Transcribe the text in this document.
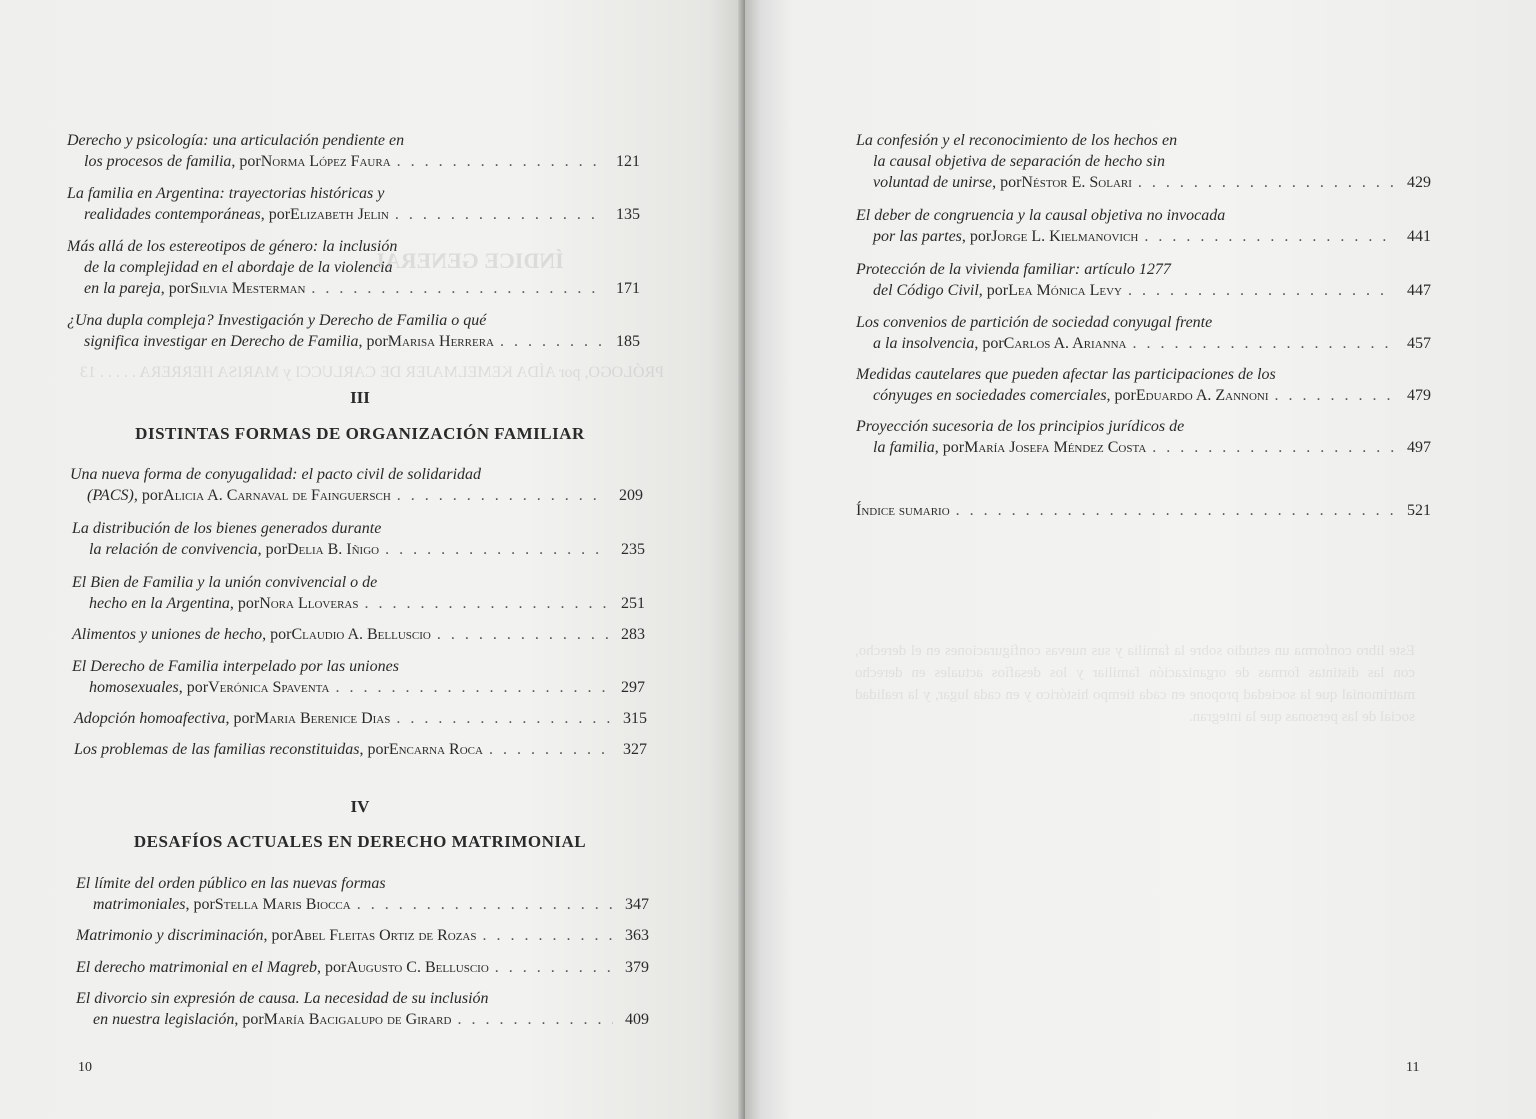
PRÓLOGO, por AÍDA KEMELMAJER DE CARLUCCI y MARISA HERRERA . . . . . 13
ÍNDICE GENERAL
Derecho y psicología: una articulación pendiente en
los procesos de familia , por Norma López Faura . . .	121
La familia en Argentina: trayectorias históricas y
realidades contemporáneas , por Elizabeth Jelin . . .	135
Más allá de los estereotipos de género: la inclusión
de la complejidad en el abordaje de la violencia
en la pareja , por Silvia Mesterman . . .	171
¿Una dupla compleja? Investigación y Derecho de Familia o qué
significa investigar en Derecho de Familia , por Marisa Herrera . . .	185
III
DISTINTAS FORMAS DE ORGANIZACIÓN FAMILIAR
Una nueva forma de conyugalidad: el pacto civil de solidaridad
(PACS) , por Alicia A. Carnaval de Fainguersch . . .	209
La distribución de los bienes generados durante
la relación de convivencia , por Delia B. Iñigo . . .	235
El Bien de Familia y la unión convivencial o de
hecho en la Argentina , por Nora Lloveras . . .	251
Alimentos y uniones de hecho , por Claudio A. Belluscio . . .	283
El Derecho de Familia interpelado por las uniones
homosexuales , por Verónica Spaventa . . .	297
Adopción homoafectiva , por Maria Berenice Dias . . .	315
Los problemas de las familias reconstituidas , por Encarna Roca . . .	327
IV
DESAFÍOS ACTUALES EN DERECHO MATRIMONIAL
El límite del orden público en las nuevas formas
matrimoniales , por Stella Maris Biocca . . .	347
Matrimonio y discriminación , por Abel Fleitas Ortiz de Rozas . . .	363
El derecho matrimonial en el Magreb , por Augusto C. Belluscio . . .	379
El divorcio sin expresión de causa. La necesidad de su inclusión
en nuestra legislación , por María Bacigalupo de Girard . . .	409
10
Este libro conforma un estudio sobre la familia y sus nuevas configuraciones en el derecho, con las distintas formas de organización familiar y los desafíos actuales en derecho matrimonial que la sociedad propone en cada tiempo histórico y en cada lugar, y la realidad social de las personas que la integran.
La confesión y el reconocimiento de los hechos en
la causal objetiva de separación de hecho sin
voluntad de unirse , por Néstor E. Solari . . .	429
El deber de congruencia y la causal objetiva no invocada
por las partes , por Jorge L. Kielmanovich . . .	441
Protección de la vivienda familiar: artículo 1277
del Código Civil , por Lea Mónica Levy . . .	447
Los convenios de partición de sociedad conyugal frente
a la insolvencia , por Carlos A. Arianna . . .	457
Medidas cautelares que pueden afectar las participaciones de los
cónyuges en sociedades comerciales , por Eduardo A. Zannoni . . .	479
Proyección sucesoria de los principios jurídicos de
la familia , por María Josefa Méndez Costa . . .	497
Índice sumario . . .	521
11
